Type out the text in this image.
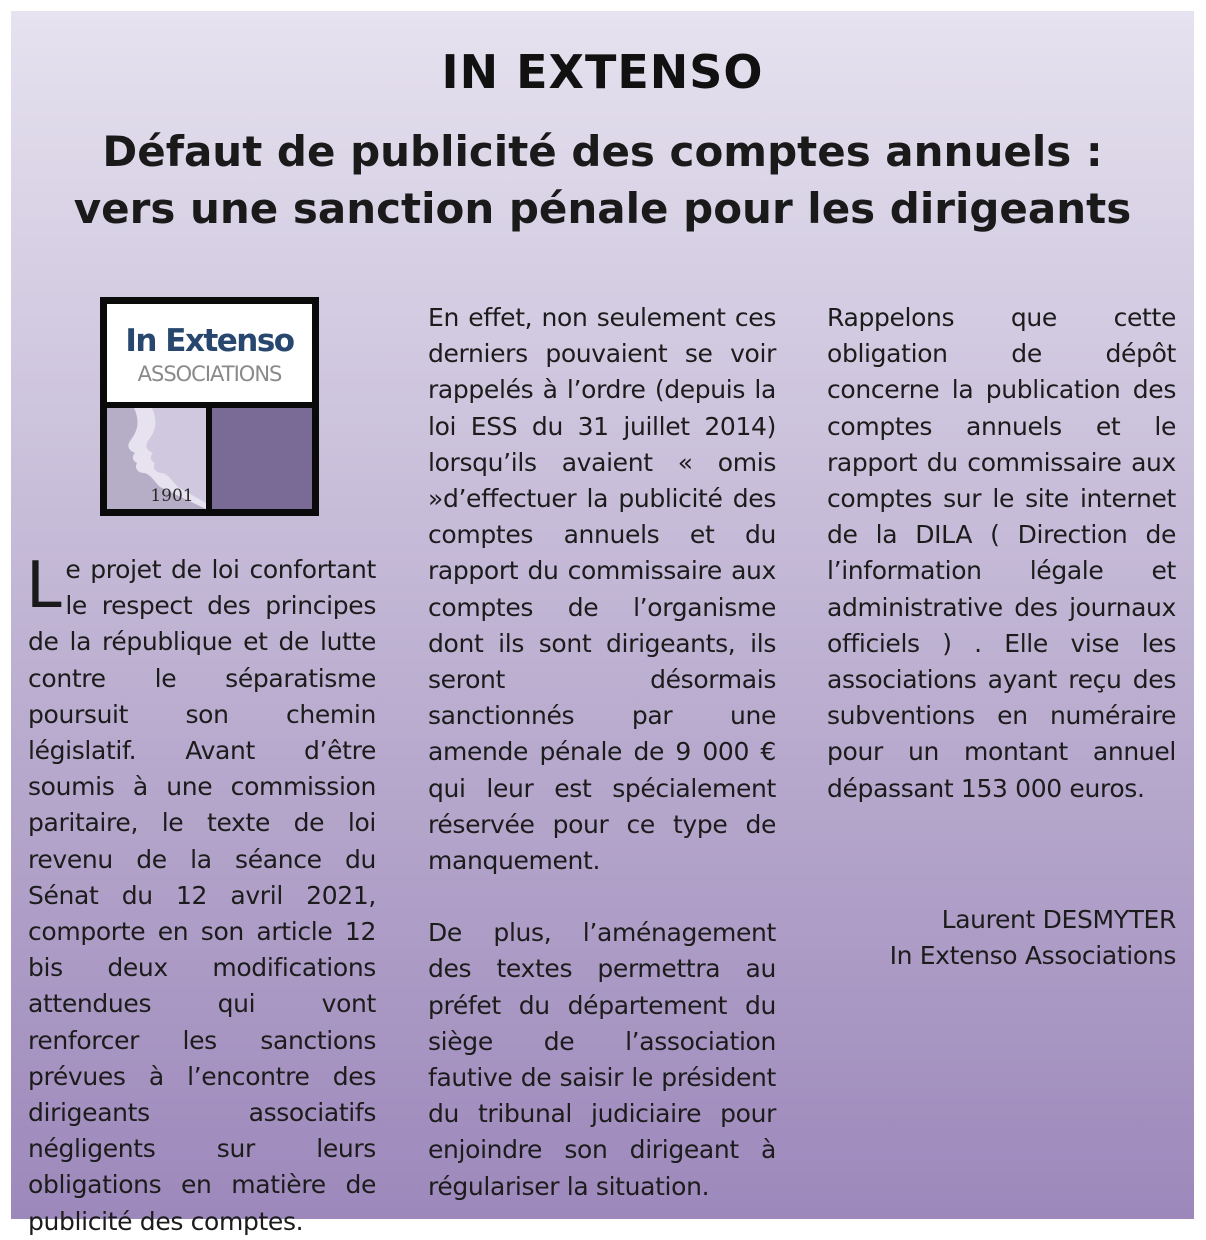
IN EXTENSO
Défaut de publicité des comptes annuels :
vers une sanction pénale pour les dirigeants
In Extenso
ASSOCIATIONS
1901

Le projet de loi confortant le respect des principes de la république et de lutte contre le séparatisme poursuit son chemin législatif. Avant d’être soumis à une commission paritaire, le texte de loi revenu de la séance du Sénat du 12 avril 2021, comporte en son article 12 bis deux modifications attendues qui vont renforcer les sanctions prévues à l’encontre des dirigeants associatifs négligents sur leurs obligations en matière de publicité des comptes.

En effet, non seulement ces derniers pouvaient se voir rappelés à l’ordre (depuis la loi ESS du 31 juillet 2014) lorsqu’ils avaient « omis »d’effectuer la publicité des comptes annuels et du rapport du commissaire aux comptes de l’organisme dont ils sont dirigeants, ils seront désormais sanctionnés par une amende pénale de 9 000 € qui leur est spécialement réservée pour ce type de manquement.

De plus, l’aménagement des textes permettra au préfet du département du siège de l’association fautive de saisir le président du tribunal judiciaire pour enjoindre son dirigeant à régulariser la situation.

Rappelons que cette obligation de dépôt concerne la publication des comptes annuels et le rapport du commissaire aux comptes sur le site internet de la DILA ( Direction de l’information légale et administrative des journaux officiels ) . Elle vise les associations ayant reçu des subventions en numéraire pour un montant annuel dépassant 153 000 euros.

Laurent DESMYTER
In Extenso Associations
